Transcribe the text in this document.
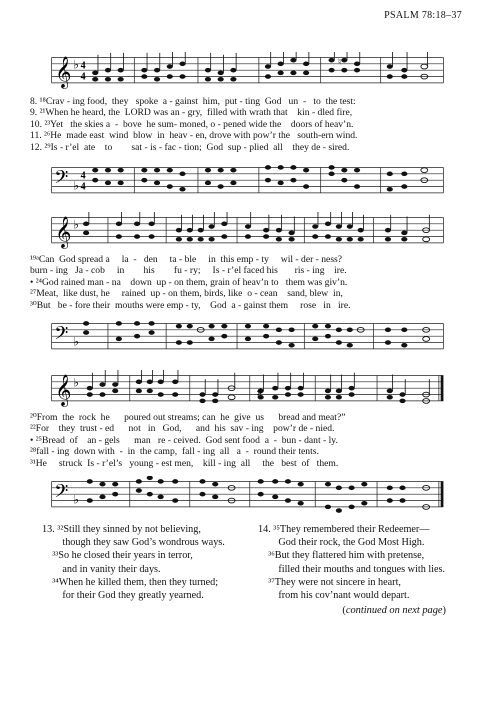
PSALM 78:18–37
𝄞 ♭ 4
4
♮
8. ¹⁸Crav - ing food,  they   spoke  a - gainst  him,  put - ting  God   un  -   to  the test:
9. ²¹When he heard, the  LORD was an - gry,  filled with wrath that    kin - dled fire,
10. ²³Yet   the skies a  -  bove  he sum- moned, o - pened wide the    doors of heav’n.
11. ²⁶He  made east  wind  blow  in  heav - en, drove with pow’r the   south-ern wind.
12. ²⁹Is - r’el  ate    to        sat - is - fac - tion;  God  sup - plied  all    they de - sired.
𝄢 ♭
4
4
𝄞 ♭
¹⁹ᵃCan  God spread a     la  -   den     ta - ble     in  this emp - ty     wil - der - ness?
burn - ing   Ja - cob     in        his        fu - ry;     Is - r’el faced his       ris - ing    ire.
• ²⁴God rained man - na    down  up - on them, grain of heav’n to   them was giv’n.
²⁷Meat,  like dust, he     rained  up - on them, birds, like  o - cean    sand, blew  in,
³⁰But   be - fore their  mouths were emp - ty,    God  a - gainst them     rose   in   ire.
𝄢 ♭
𝄞 ♭
♯
²⁰From  the  rock  he      poured out streams; can  he  give  us      bread and meat?”
²²For    they  trust - ed      not   in   God,      and  his  sav - ing    pow’r de - nied.
• ²⁵Bread  of    an - gels      man   re - ceived.  God sent food  a  -  bun - dant - ly.
²⁸fall - ing  down with  -  in  the camp,  fall - ing  all   a  -  round their tents.
³¹He     struck  Is - r’el’s   young - est men,    kill - ing  all     the   best  of   them.
𝄢 ♭
13. ³²Still they sinned by not believing,
though they saw God’s wondrous ways.
³³So he closed their years in terror,
and in vanity their days.
³⁴When he killed them, then they turned;
for their God they greatly yearned.
14. ³⁵They remembered their Redeemer—
God their rock, the God Most High.
³⁶But they flattered him with pretense,
filled their mouths and tongues with lies.
³⁷They were not sincere in heart,
from his cov’nant would depart.
(continued on next page)
